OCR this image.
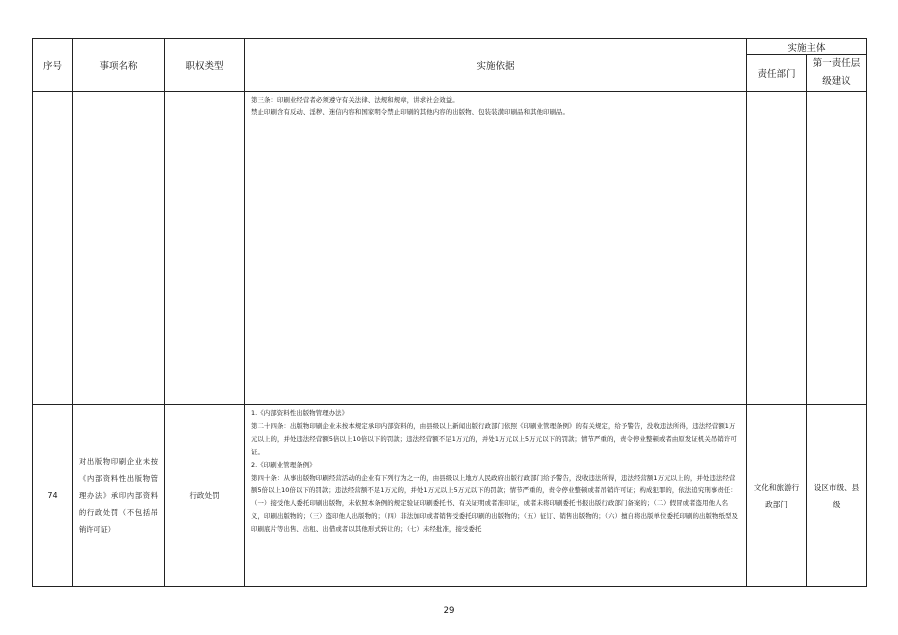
序号	事项名称	职权类型	实施依据	实施主体	
				责任部门	第一责任层
级建议

			第三条：印刷业经营者必须遵守有关法律、法规和规章，讲求社会效益。
禁止印刷含有反动、淫秽、迷信内容和国家明令禁止印刷的其他内容的出版物、包装装潢印刷品和其他印刷品。		

74	对出版物印刷企业未按《内部资料性出版物管理办法》承印内部资料的行政处罚（不包括吊销许可证）	行政处罚	1.《内部资料性出版物管理办法》
第二十四条：出版物印刷企业未按本规定承印内部资料的，由县级以上新闻出版行政部门依照《印刷业管理条例》的有关规定，给予警告，没收违法所得，违法经营额1万元以上的，并处违法经营额5倍以上10倍以下的罚款；违法经营额不足1万元的，并处1万元以上5万元以下的罚款；情节严重的，责令停业整顿或者由原发证机关吊销许可证。
2.《印刷业管理条例》
第四十条：从事出版物印刷经营活动的企业有下列行为之一的，由县级以上地方人民政府出版行政部门给予警告，没收违法所得，违法经营额1万元以上的，并处违法经营额5倍以上10倍以下的罚款；违法经营额不足1万元的，并处1万元以上5万元以下的罚款；情节严重的，责令停业整顿或者吊销许可证；构成犯罪的，依法追究刑事责任：（一）接受他人委托印刷出版物，未依照本条例的规定验证印刷委托书、有关证明或者准印证，或者未将印刷委托书报出版行政部门备案的；（二）假冒或者盗用他人名义，印刷出版物的；（三）盗印他人出版物的；（四）非法加印或者销售受委托印刷的出版物的；（五）征订、销售出版物的；（六）擅自将出版单位委托印刷的出版物纸型及印刷底片等出售、出租、出借或者以其他形式转让的；（七）未经批准，接受委托	文化和旅游行政部门	设区市级、县级
29
